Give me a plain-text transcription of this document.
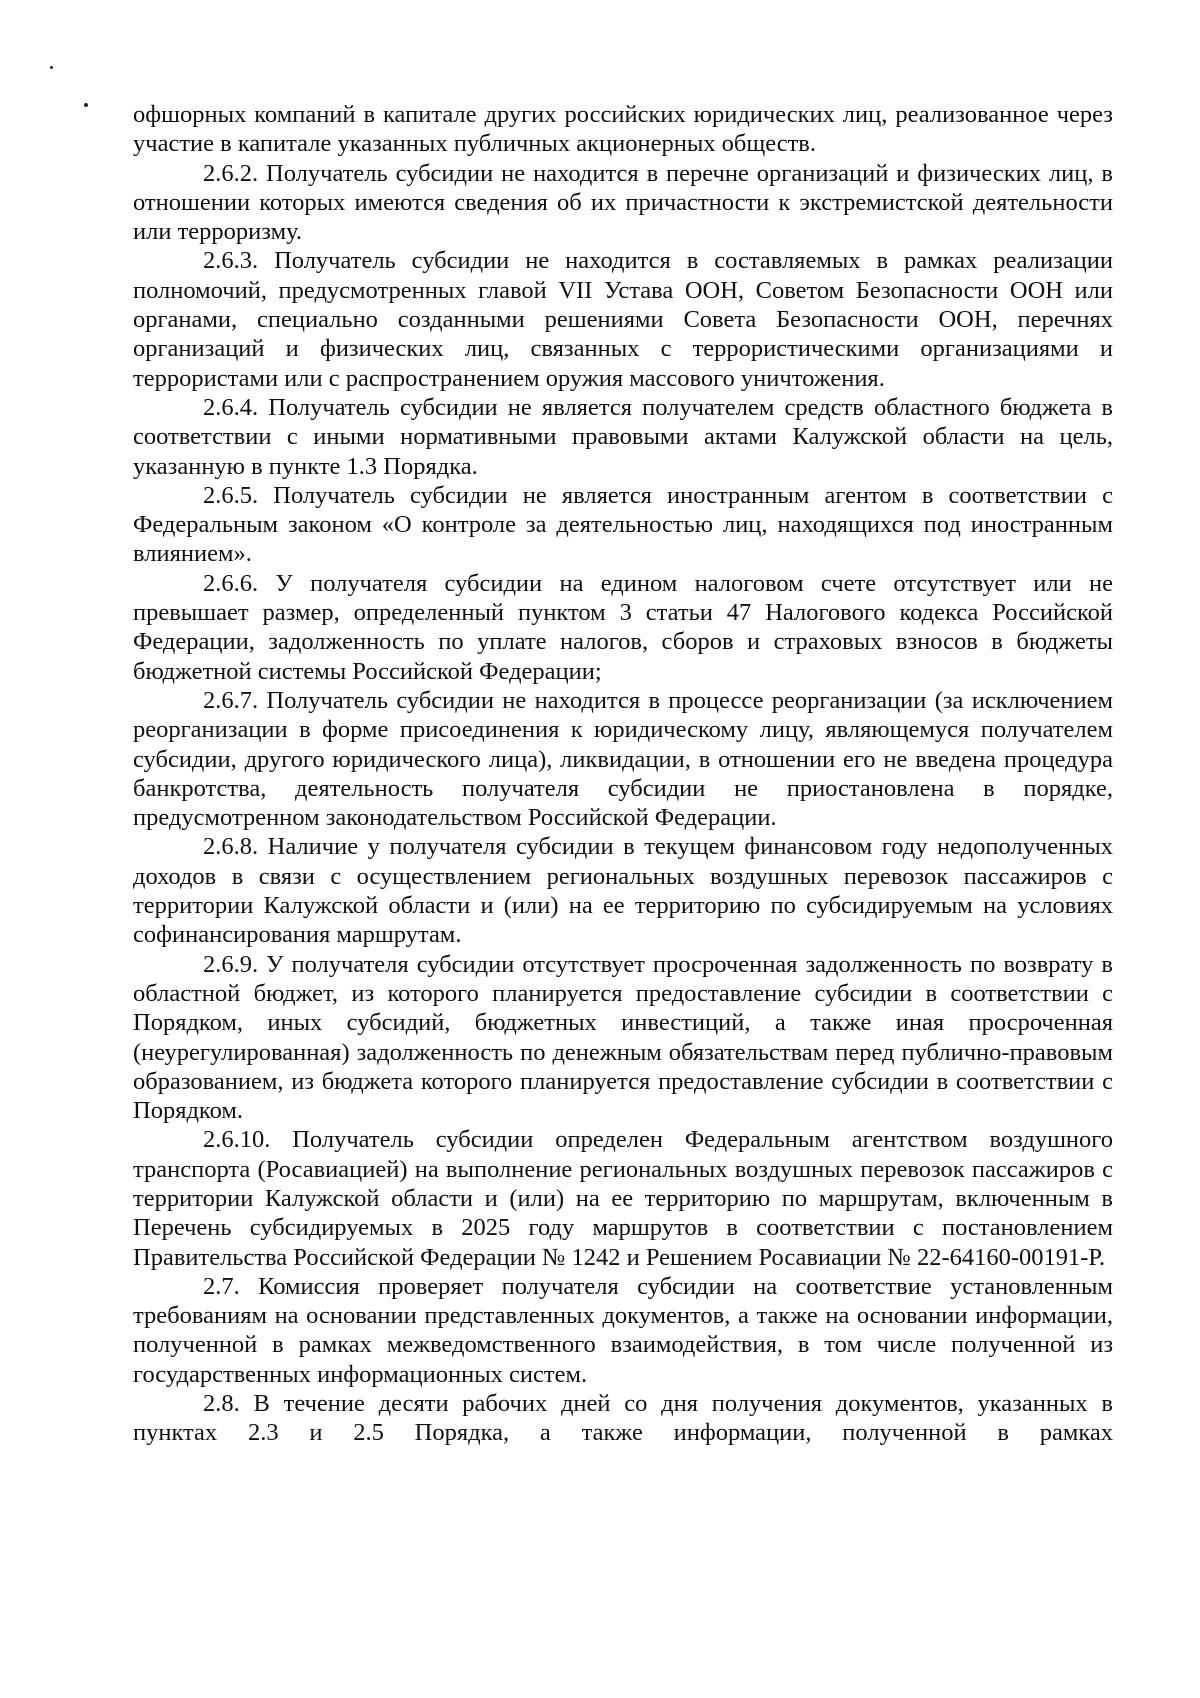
офшорных компаний в капитале других российских юридических лиц, реализованное через участие в капитале указанных публичных акционерных обществ.

2.6.2. Получатель субсидии не находится в перечне организаций и физических лиц, в отношении которых имеются сведения об их причастности к экстремистской деятельности или терроризму.

2.6.3. Получатель субсидии не находится в составляемых в рамках реализации полномочий, предусмотренных главой VII Устава ООН, Советом Безопасности ООН или органами, специально созданными решениями Совета Безопасности ООН, перечнях организаций и физических лиц, связанных с террористическими организациями и террористами или с распространением оружия массового уничтожения.

2.6.4. Получатель субсидии не является получателем средств областного бюджета в соответствии с иными нормативными правовыми актами Калужской области на цель, указанную в пункте 1.3 Порядка.

2.6.5. Получатель субсидии не является иностранным агентом в соответствии с Федеральным законом «О контроле за деятельностью лиц, находящихся под иностранным влиянием».

2.6.6. У получателя субсидии на едином налоговом счете отсутствует или не превышает размер, определенный пунктом 3 статьи 47 Налогового кодекса Российской Федерации, задолженность по уплате налогов, сборов и страховых взносов в бюджеты бюджетной системы Российской Федерации;

2.6.7. Получатель субсидии не находится в процессе реорганизации (за исключением реорганизации в форме присоединения к юридическому лицу, являющемуся получателем субсидии, другого юридического лица), ликвидации, в отношении его не введена процедура банкротства, деятельность получателя субсидии не приостановлена в порядке, предусмотренном законодательством Российской Федерации.

2.6.8. Наличие у получателя субсидии в текущем финансовом году недополученных доходов в связи с осуществлением региональных воздушных перевозок пассажиров с территории Калужской области и (или) на ее территорию по субсидируемым на условиях софинансирования маршрутам.

2.6.9. У получателя субсидии отсутствует просроченная задолженность по возврату в областной бюджет, из которого планируется предоставление субсидии в соответствии с Порядком, иных субсидий, бюджетных инвестиций, а также иная просроченная (неурегулированная) задолженность по денежным обязательствам перед публично-правовым образованием, из бюджета которого планируется предоставление субсидии в соответствии с Порядком.

2.6.10. Получатель субсидии определен Федеральным агентством воздушного транспорта (Росавиацией) на выполнение региональных воздушных перевозок пассажиров с территории Калужской области и (или) на ее территорию по маршрутам, включенным в Перечень субсидируемых в 2025 году маршрутов в соответствии с постановлением Правительства Российской Федерации № 1242 и Решением Росавиации № 22-64160-00191-Р.

2.7. Комиссия проверяет получателя субсидии на соответствие установленным требованиям на основании представленных документов, а также на основании информации, полученной в рамках межведомственного взаимодействия, в том числе полученной из государственных информационных систем.

2.8. В течение десяти рабочих дней со дня получения документов, указанных в пунктах 2.3 и 2.5 Порядка, а также информации, полученной в рамках
